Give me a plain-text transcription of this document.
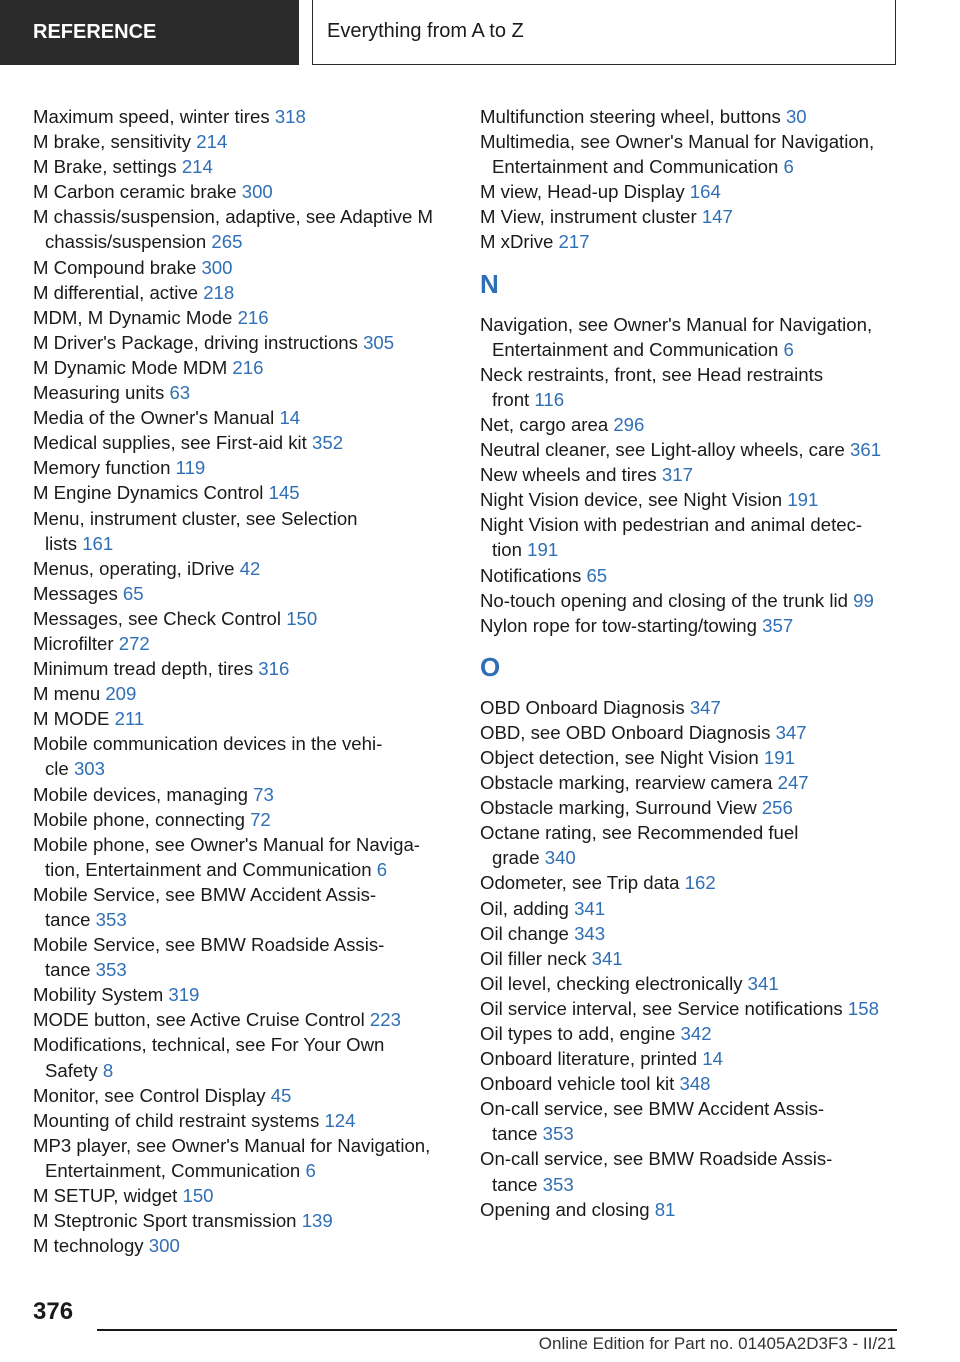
REFERENCE	Everything from A to Z
Maximum speed, winter tires 318
M brake, sensitivity 214
M Brake, settings 214
M Carbon ceramic brake 300
M chassis/suspension, adaptive, see Adaptive M
chassis/suspension 265
M Compound brake 300
M differential, active 218
MDM, M Dynamic Mode 216
M Driver's Package, driving instructions 305
M Dynamic Mode MDM 216
Measuring units 63
Media of the Owner's Manual 14
Medical supplies, see First-aid kit 352
Memory function 119
M Engine Dynamics Control 145
Menu, instrument cluster, see Selection
lists 161
Menus, operating, iDrive 42
Messages 65
Messages, see Check Control 150
Microfilter 272
Minimum tread depth, tires 316
M menu 209
M MODE 211
Mobile communication devices in the vehi-
cle 303
Mobile devices, managing 73
Mobile phone, connecting 72
Mobile phone, see Owner's Manual for Naviga-
tion, Entertainment and Communication 6
Mobile Service, see BMW Accident Assis-
tance 353
Mobile Service, see BMW Roadside Assis-
tance 353
Mobility System 319
MODE button, see Active Cruise Control 223
Modifications, technical, see For Your Own
Safety 8
Monitor, see Control Display 45
Mounting of child restraint systems 124
MP3 player, see Owner's Manual for Navigation,
Entertainment, Communication 6
M SETUP, widget 150
M Steptronic Sport transmission 139
M technology 300
Multifunction steering wheel, buttons 30
Multimedia, see Owner's Manual for Navigation,
Entertainment and Communication 6
M view, Head-up Display 164
M View, instrument cluster 147
M xDrive 217
N
Navigation, see Owner's Manual for Navigation,
Entertainment and Communication 6
Neck restraints, front, see Head restraints
front 116
Net, cargo area 296
Neutral cleaner, see Light-alloy wheels, care 361
New wheels and tires 317
Night Vision device, see Night Vision 191
Night Vision with pedestrian and animal detec-
tion 191
Notifications 65
No-touch opening and closing of the trunk lid 99
Nylon rope for tow-starting/towing 357
O
OBD Onboard Diagnosis 347
OBD, see OBD Onboard Diagnosis 347
Object detection, see Night Vision 191
Obstacle marking, rearview camera 247
Obstacle marking, Surround View 256
Octane rating, see Recommended fuel
grade 340
Odometer, see Trip data 162
Oil, adding 341
Oil change 343
Oil filler neck 341
Oil level, checking electronically 341
Oil service interval, see Service notifications 158
Oil types to add, engine 342
Onboard literature, printed 14
Onboard vehicle tool kit 348
On-call service, see BMW Accident Assis-
tance 353
On-call service, see BMW Roadside Assis-
tance 353
Opening and closing 81
376
Online Edition for Part no. 01405A2D3F3 - II/21
